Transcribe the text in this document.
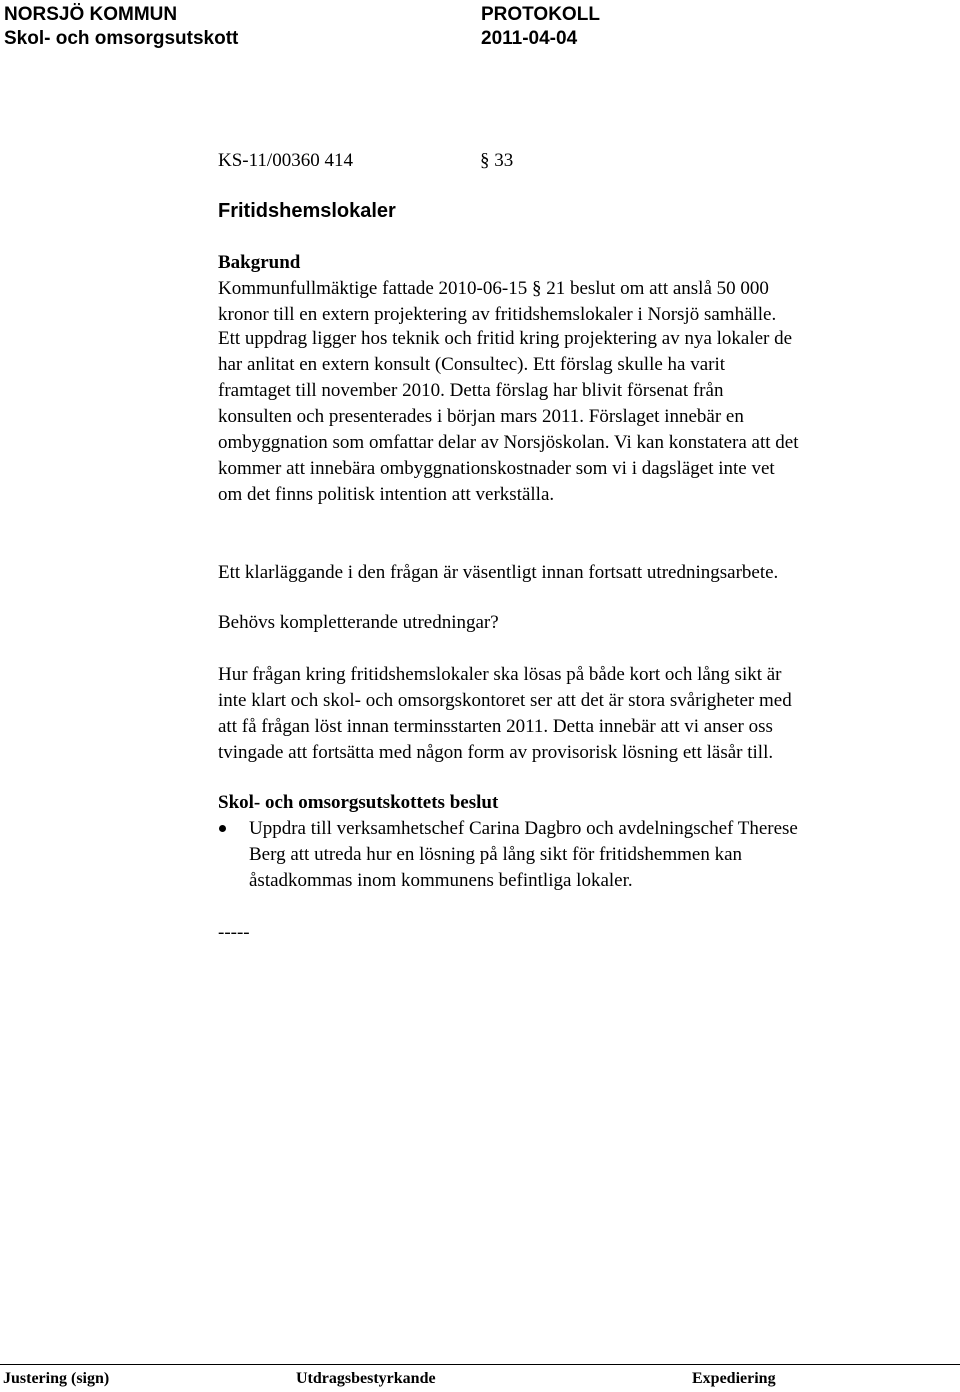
NORSJÖ KOMMUN	PROTOKOLL
Skol- och omsorgsutskott	2011-04-04
KS-11/00360 414	§ 33
Fritidshemslokaler
Bakgrund
Kommunfullmäktige fattade 2010-06-15 § 21 beslut om att anslå 50 000
kronor till en extern projektering av fritidshemslokaler i Norsjö samhälle.
Ett uppdrag ligger hos teknik och fritid kring projektering av nya lokaler de
har anlitat en extern konsult (Consultec). Ett förslag skulle ha varit
framtaget till november 2010. Detta förslag har blivit försenat från
konsulten och presenterades i början mars 2011. Förslaget innebär en
ombyggnation som omfattar delar av Norsjöskolan. Vi kan konstatera att det
kommer att innebära ombyggnationskostnader som vi i dagsläget inte vet
om det finns politisk intention att verkställa.
Ett klarläggande i den frågan är väsentligt innan fortsatt utredningsarbete.
Behövs kompletterande utredningar?
Hur frågan kring fritidshemslokaler ska lösas på både kort och lång sikt är
inte klart och skol- och omsorgskontoret ser att det är stora svårigheter med
att få frågan löst innan terminsstarten 2011. Detta innebär att vi anser oss
tvingade att fortsätta med någon form av provisorisk lösning ett läsår till.
Skol- och omsorgsutskottets beslut
Uppdra till verksamhetschef Carina Dagbro och avdelningschef Therese
Berg att utreda hur en lösning på lång sikt för fritidshemmen kan
åstadkommas inom kommunens befintliga lokaler.
-----
Justering (sign)	Utdragsbestyrkande	Expediering
